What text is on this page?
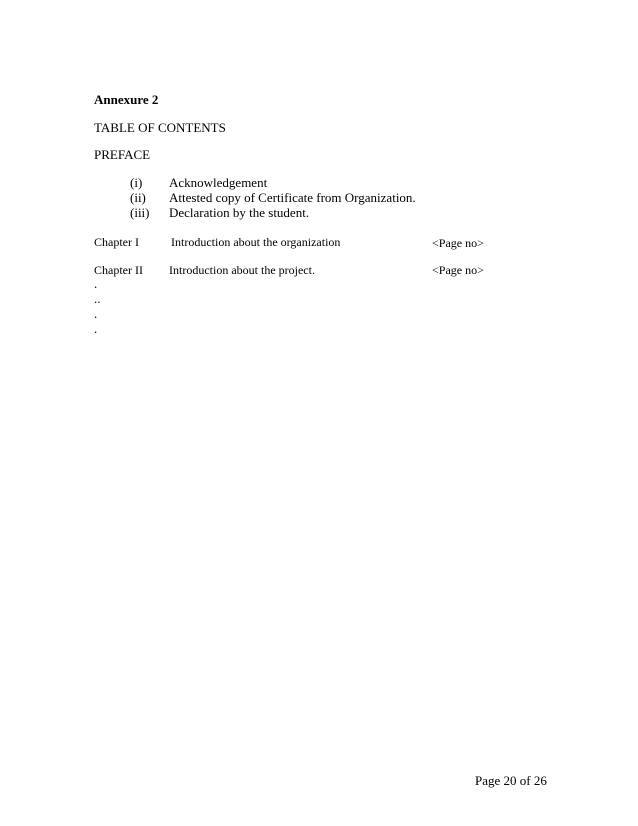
Annexure 2
TABLE OF CONTENTS
PREFACE
(i) Acknowledgement
(ii) Attested copy of Certificate from Organization.
(iii) Declaration by the student.
Chapter I	Introduction about the organization	<Page no>
Chapter II Introduction about the project.	<Page no>
.
..
.
.
Page 20 of 26
